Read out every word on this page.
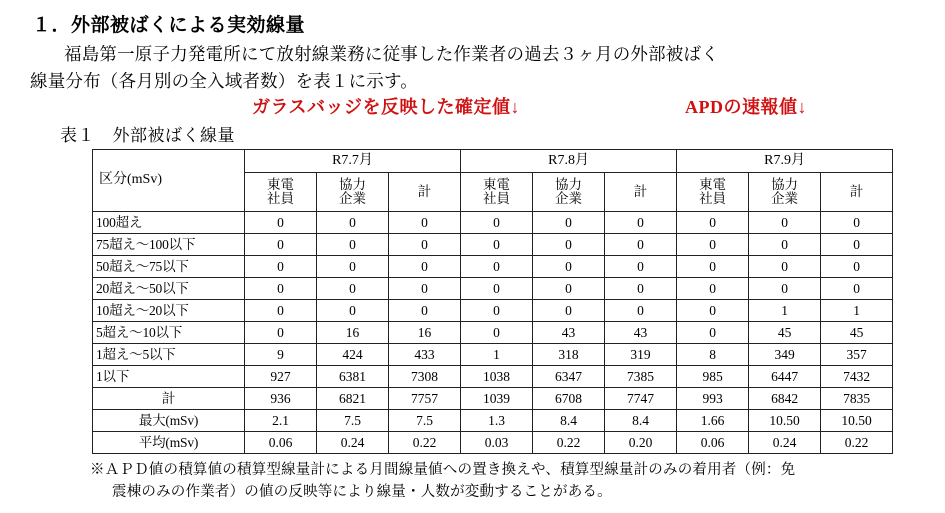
１．外部被ばくによる実効線量
福島第一原子力発電所にて放射線業務に従事した作業者の過去３ヶ月の外部被ばく
線量分布（各月別の全入域者数）を表１に示す。
ガラスバッジを反映した確定値↓	APDの速報値↓
表１　外部被ばく線量
区分(mSv)	R7.7月			R7.8月			R7.9月		

	東電
社員	協力
企業	計	東電
社員	協力
企業	計	東電
社員	協力
企業	計

100超え	0	0	0	0	0	0	0	0	0
75超え～100以下	0	0	0	0	0	0	0	0	0
50超え～75以下	0	0	0	0	0	0	0	0	0
20超え～50以下	0	0	0	0	0	0	0	0	0
10超え～20以下	0	0	0	0	0	0	0	1	1
5超え～10以下	0	16	16	0	43	43	0	45	45
1超え～5以下	9	424	433	1	318	319	8	349	357
1以下	927	6381	7308	1038	6347	7385	985	6447	7432
計	936	6821	7757	1039	6708	7747	993	6842	7835
最大(mSv)	2.1	7.5	7.5	1.3	8.4	8.4	1.66	10.50	10.50
平均(mSv)	0.06	0.24	0.22	0.03	0.22	0.20	0.06	0.24	0.22
※ＡＰＤ値の積算値の積算型線量計による月間線量値への置き換えや、積算型線量計のみの着用者（例：免
震棟のみの作業者）の値の反映等により線量・人数が変動することがある。
